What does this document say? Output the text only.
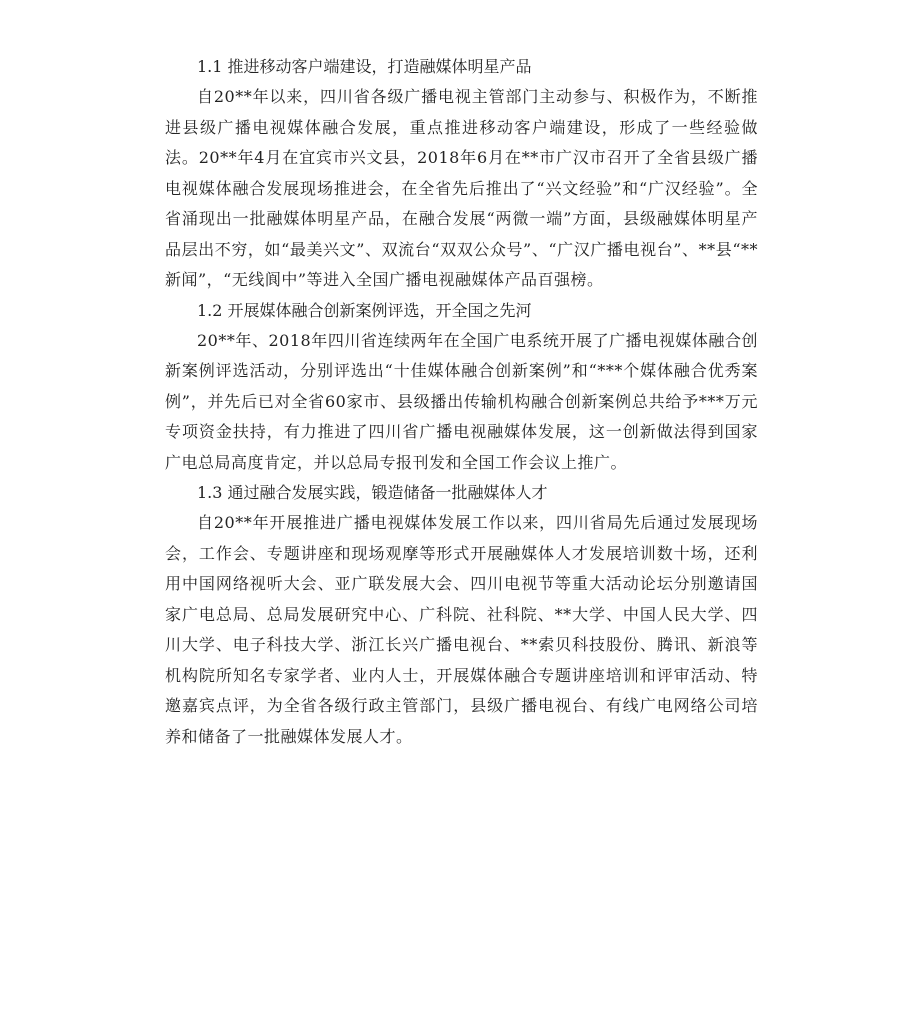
1.1 推进移动客户端建设，打造融媒体明星产品

自20**年以来，四川省各级广播电视主管部门主动参与、积极作为，不断推进县级广播电视媒体融合发展，重点推进移动客户端建设，形成了一些经验做法。20**年4月在宜宾市兴文县，2018年6月在**市广汉市召开了全省县级广播电视媒体融合发展现场推进会，在全省先后推出了“兴文经验”和“广汉经验”。全省涌现出一批融媒体明星产品，在融合发展“两微一端”方面，县级融媒体明星产品层出不穷，如“最美兴文”、双流台“双双公众号”、“广汉广播电视台”、**县“**新闻”，“无线阆中”等进入全国广播电视融媒体产品百强榜。

1.2 开展媒体融合创新案例评选，开全国之先河

20**年、2018年四川省连续两年在全国广电系统开展了广播电视媒体融合创新案例评选活动，分别评选出“十佳媒体融合创新案例”和“***个媒体融合优秀案例”，并先后已对全省60家市、县级播出传输机构融合创新案例总共给予***万元专项资金扶持，有力推进了四川省广播电视融媒体发展，这一创新做法得到国家广电总局高度肯定，并以总局专报刊发和全国工作会议上推广。

1.3 通过融合发展实践，锻造储备一批融媒体人才

自20**年开展推进广播电视媒体发展工作以来，四川省局先后通过发展现场会，工作会、专题讲座和现场观摩等形式开展融媒体人才发展培训数十场，还利用中国网络视听大会、亚广联发展大会、四川电视节等重大活动论坛分别邀请国家广电总局、总局发展研究中心、广科院、社科院、**大学、中国人民大学、四川大学、电子科技大学、浙江长兴广播电视台、**索贝科技股份、腾讯、新浪等机构院所知名专家学者、业内人士，开展媒体融合专题讲座培训和评审活动、特邀嘉宾点评，为全省各级行政主管部门，县级广播电视台、有线广电网络公司培养和储备了一批融媒体发展人才。
